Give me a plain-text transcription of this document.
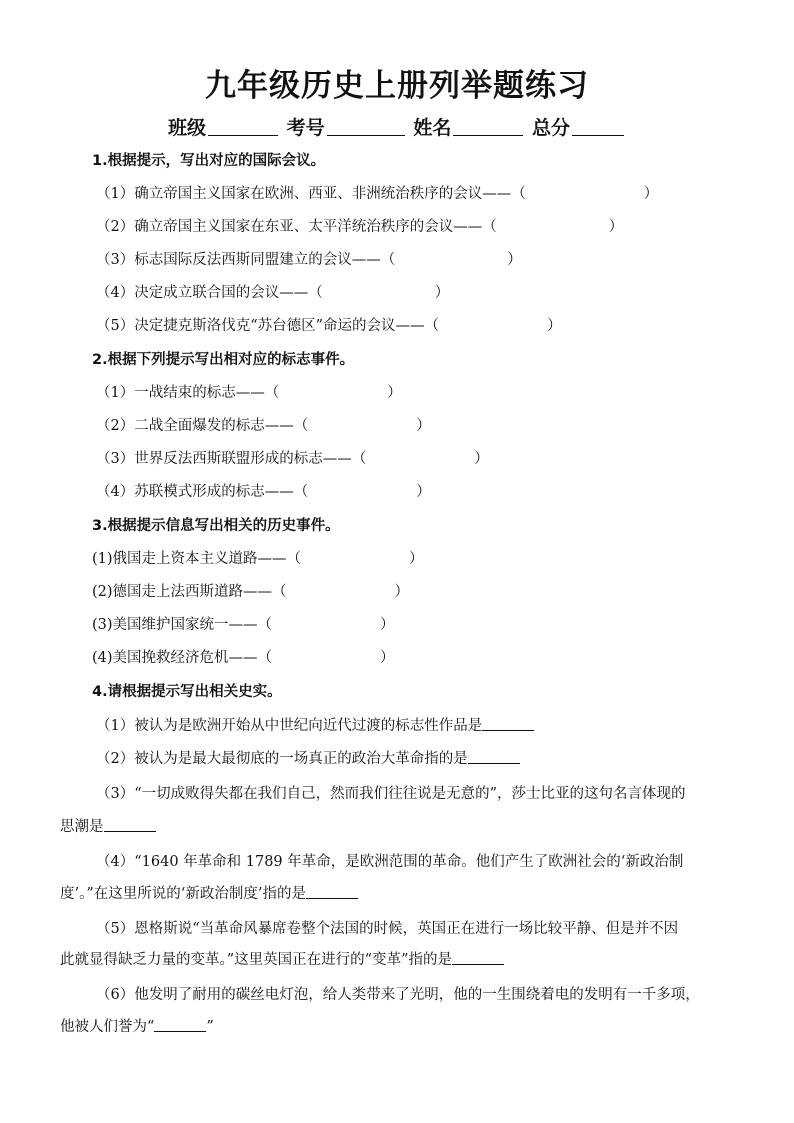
九年级历史上册列举题练习
班级	考号	姓名	总分
1.根据提示，写出对应的国际会议。
（1）确立帝国主义国家在欧洲、西亚、非洲统治秩序的会议——（	）
（2）确立帝国主义国家在东亚、太平洋统治秩序的会议——（	）
（3）标志国际反法西斯同盟建立的会议——（	）
（4）决定成立联合国的会议——（	）
（5）决定捷克斯洛伐克“苏台德区”命运的会议——（	）
2.根据下列提示写出相对应的标志事件。
（1）一战结束的标志——（	）
（2）二战全面爆发的标志——（	）
（3）世界反法西斯联盟形成的标志——（	）
（4）苏联模式形成的标志——（	）
3.根据提示信息写出相关的历史事件。
(1)俄国走上资本主义道路——（	）
(2)德国走上法西斯道路——（	）
(3)美国维护国家统一——（	）
(4)美国挽救经济危机——（	）
4.请根据提示写出相关史实。
（1）被认为是欧洲开始从中世纪向近代过渡的标志性作品是
（2）被认为是最大最彻底的一场真正的政治大革命指的是
（3）“一切成败得失都在我们自己，然而我们往往说是无意的”，莎士比亚的这句名言体现的
思潮是
（4）“1640 年革命和 1789 年革命，是欧洲范围的革命。他们产生了欧洲社会的‘新政治制
度’。”在这里所说的‘新政治制度’指的是
（5）恩格斯说“当革命风暴席卷整个法国的时候，英国正在进行一场比较平静、但是并不因
此就显得缺乏力量的变革。”这里英国正在进行的“变革”指的是
（6）他发明了耐用的碳丝电灯泡，给人类带来了光明，他的一生围绕着电的发明有一千多项，
他被人们誉为“	”
